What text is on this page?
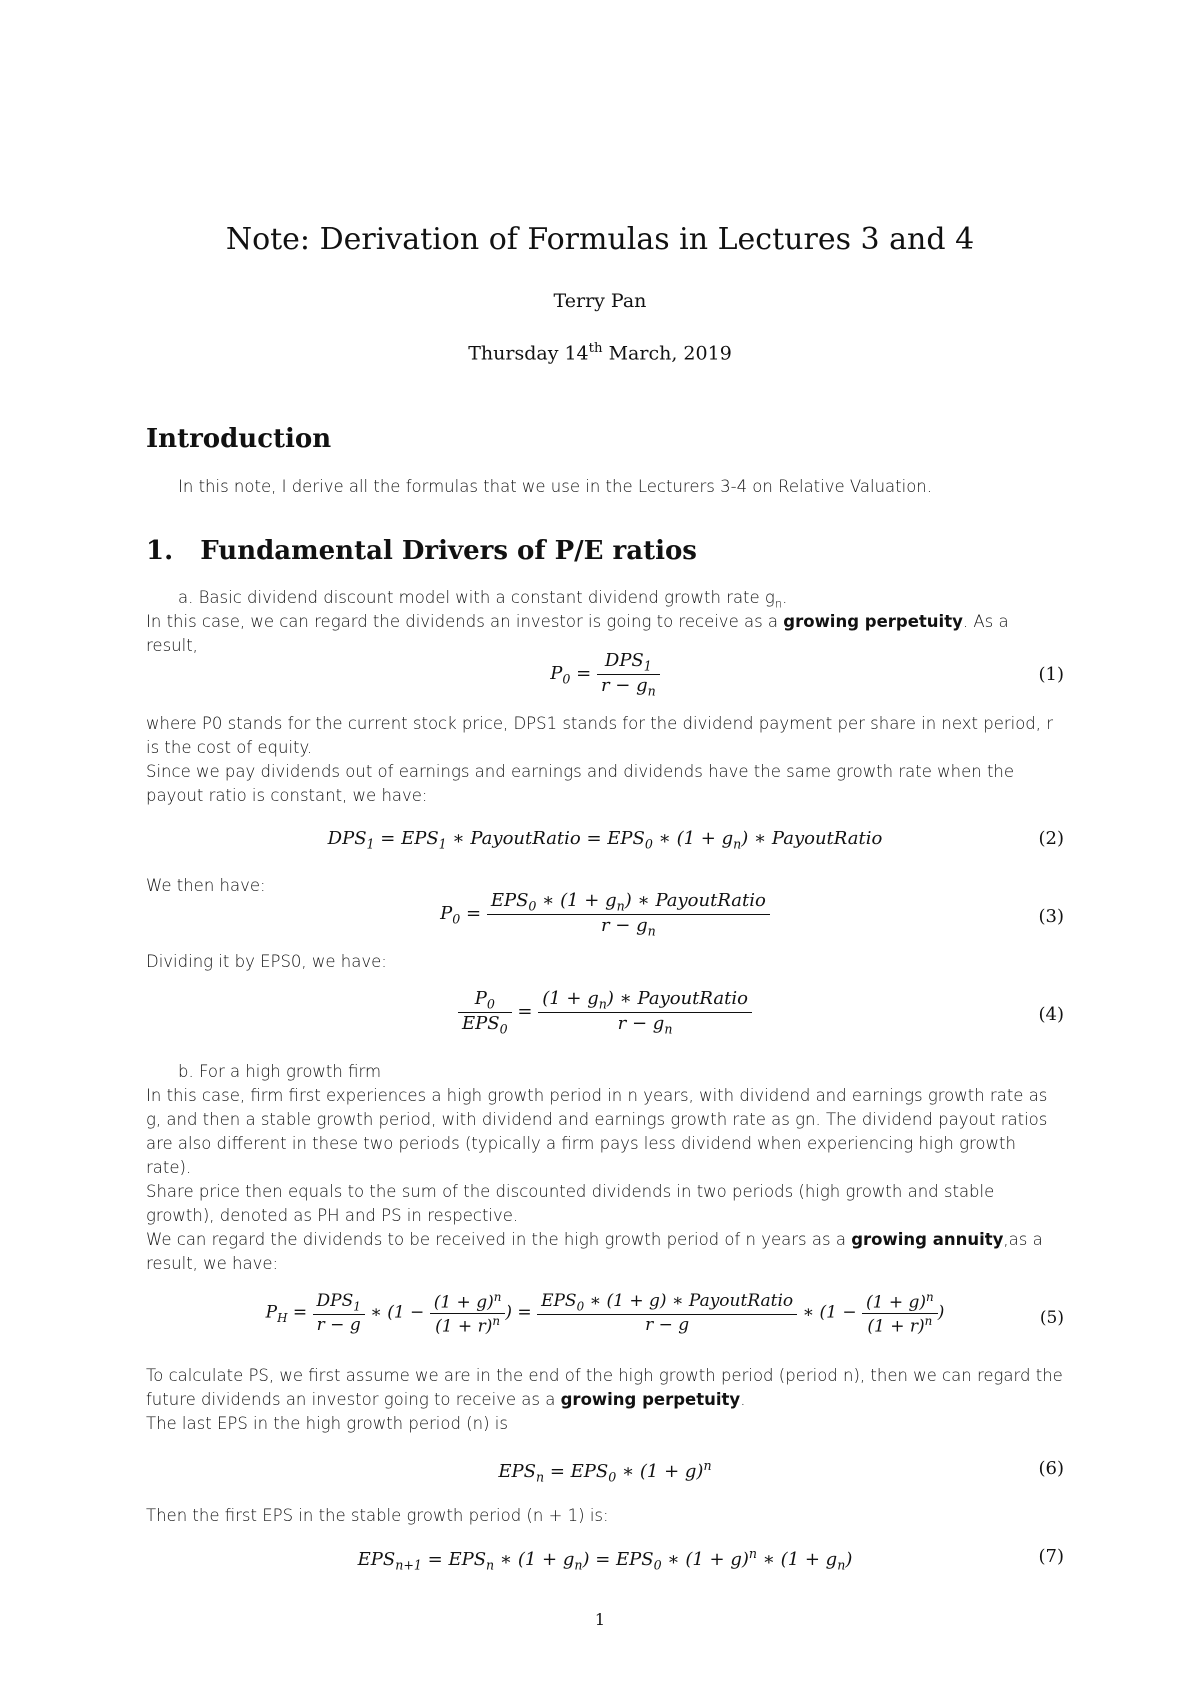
Note: Derivation of Formulas in Lectures 3 and 4
Terry Pan
Thursday 14th March, 2019
Introduction
In this note, I derive all the formulas that we use in the Lecturers 3-4 on Relative Valuation.
1.   Fundamental Drivers of P/E ratios
a. Basic dividend discount model with a constant dividend growth rate $g_n$.
In this case, we can regard the dividends an investor is going to receive as a growing perpetuity. As a result,
$P_0 = \frac{DPS_1}{r - g_n}$	(1)
where P0 stands for the current stock price, DPS1 stands for the dividend payment per share in next period, r is the cost of equity.
Since we pay dividends out of earnings and earnings and dividends have the same growth rate when the payout ratio is constant, we have:
$DPS_1 = EPS_1$ ∗ PayoutRatio = $EPS_0$ ∗ $(1 + g_n)$ ∗ PayoutRatio	(2)
We then have:
$P_0 = \frac{EPS_0 ∗ (1 + g_n) ∗ PayoutRatio}{r - g_n}$	(3)
Dividing it by EPS0, we have:
$\frac{P_0}{EPS_0} = \frac{(1 + g_n) ∗ PayoutRatio}{r - g_n}$	(4)
b. For a high growth firm
In this case, firm first experiences a high growth period in n years, with dividend and earnings growth rate as g, and then a stable growth period, with dividend and earnings growth rate as gn. The dividend payout ratios are also different in these two periods (typically a firm pays less dividend when experiencing high growth rate).
Share price then equals to the sum of the discounted dividends in two periods (high growth and stable growth), denoted as PH and PS in respective.
We can regard the dividends to be received in the high growth period of n years as a growing annuity,as a result, we have:
$P_H = \frac{DPS_1}{r - g}$ ∗ ($1 - \frac{(1 + g)^n}{(1 + r)^n}$ ) = $\frac{EPS_0 ∗ (1 + g) ∗ PayoutRatio}{r - g}$ ∗ ($1 - \frac{(1 + g)^n}{(1 + r)^n}$ )	(5)
To calculate PS, we first assume we are in the end of the high growth period (period n), then we can regard the future dividends an investor going to receive as a growing perpetuity.
The last EPS in the high growth period (n) is
$EPS_n = EPS_0$ ∗ $(1 + g)^n$	(6)
Then the first EPS in the stable growth period (n + 1) is:
$EPS_{n+1} = EPS_n$ ∗ $(1 + g_n) = EPS_0$ ∗ $(1 + g)^n$ ∗ $(1 + g_n)$	(7)
1
